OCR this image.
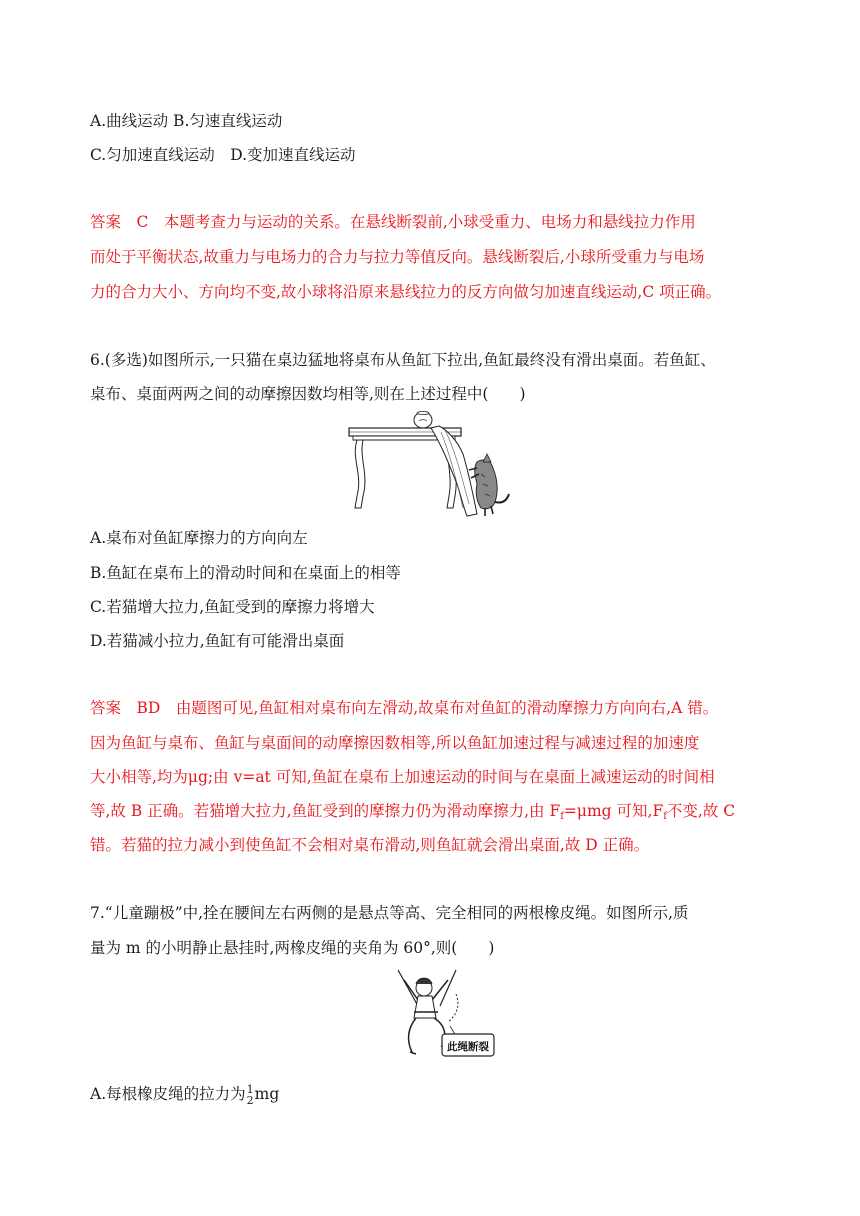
A.曲线运动 B.匀速直线运动
C.匀加速直线运动　D.变加速直线运动
答案　C　本题考查力与运动的关系。在悬线断裂前,小球受重力、电场力和悬线拉力作用
而处于平衡状态,故重力与电场力的合力与拉力等值反向。悬线断裂后,小球所受重力与电场
力的合力大小、方向均不变,故小球将沿原来悬线拉力的反方向做匀加速直线运动,C 项正确。
6.(多选)如图所示,一只猫在桌边猛地将桌布从鱼缸下拉出,鱼缸最终没有滑出桌面。若鱼缸、
桌布、桌面两两之间的动摩擦因数均相等,则在上述过程中(　　)
A.桌布对鱼缸摩擦力的方向向左
B.鱼缸在桌布上的滑动时间和在桌面上的相等
C.若猫增大拉力,鱼缸受到的摩擦力将增大
D.若猫减小拉力,鱼缸有可能滑出桌面
答案　BD　由题图可见,鱼缸相对桌布向左滑动,故桌布对鱼缸的滑动摩擦力方向向右,A 错。
因为鱼缸与桌布、鱼缸与桌面间的动摩擦因数相等,所以鱼缸加速过程与减速过程的加速度
大小相等,均为μg;由 v=at 可知,鱼缸在桌布上加速运动的时间与在桌面上减速运动的时间相
等,故 B 正确。若猫增大拉力,鱼缸受到的摩擦力仍为滑动摩擦力,由 $F_f=\mu mg$ 可知$,F_f$不变,故 C
错。若猫的拉力减小到使鱼缸不会相对桌布滑动,则鱼缸就会滑出桌面,故 D 正确。
7.“儿童蹦极”中,拴在腰间左右两侧的是悬点等高、完全相同的两根橡皮绳。如图所示,质
量为 m 的小明静止悬挂时,两橡皮绳的夹角为 60°,则(　　)
此绳断裂
A.每根橡皮绳的拉力为 1
2 mg
